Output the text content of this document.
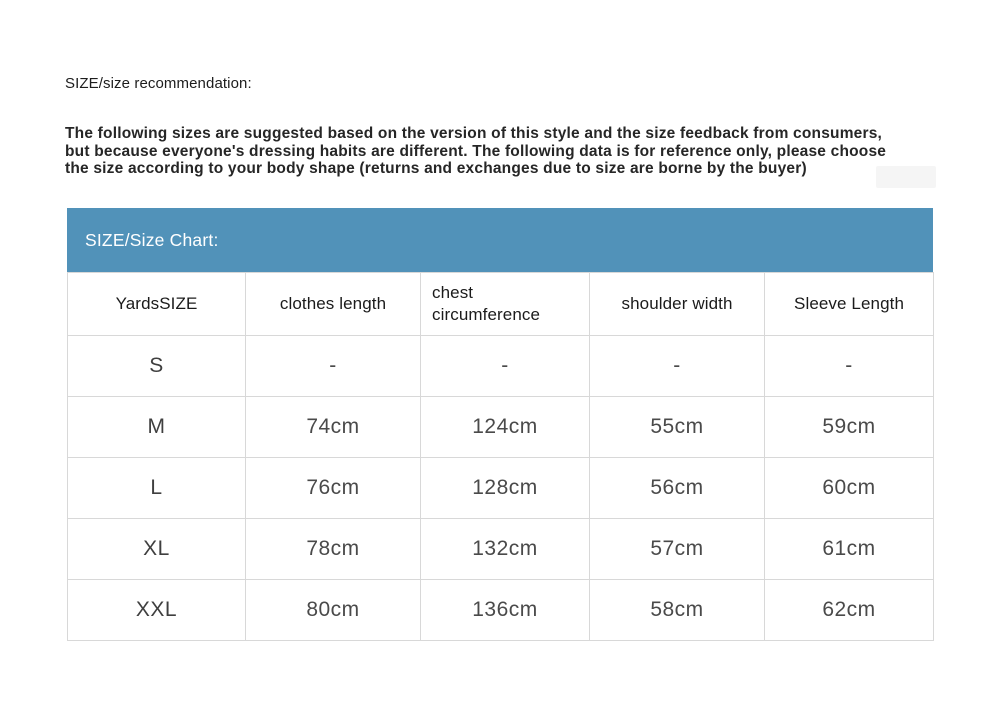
SIZE/size recommendation:
The following sizes are suggested based on the version of this style and the size feedback from consumers,
but because everyone's dressing habits are different. The following data is for reference only, please choose
the size according to your body shape (returns and exchanges due to size are borne by the buyer)
SIZE/Size Chart:
YardsSIZE	clothes length	chest circumference	shoulder width	Sleeve Length
S	-	-	-	-
M	74cm	124cm	55cm	59cm
L	76cm	128cm	56cm	60cm
XL	78cm	132cm	57cm	61cm
XXL	80cm	136cm	58cm	62cm
